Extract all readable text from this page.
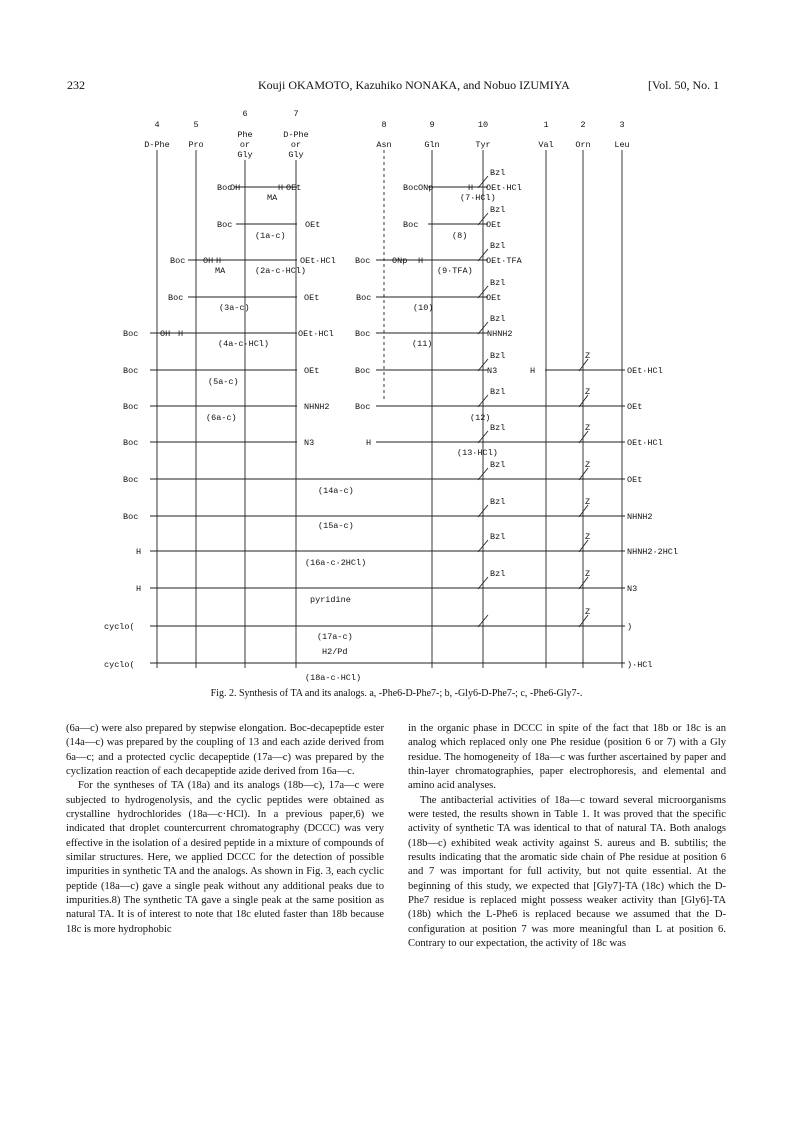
232	Kouji OKAMOTO, Kazuhiko NONAKA, and Nobuo IZUMIYA	[Vol. 50, No. 1
4
D-Phe
5
Pro
6
Phe
or
Gly
7
D-Phe
or
Gly
8
Asn
9
Gln
10
Tyr
1
Val
2
Orn
3
Leu
Boc
OH	H OEt
MA
Boc ONp	H OEt·HCl
(7·HCl)
Bzl
Boc	OEt
(1a-c)
Boc	OEt
(8)
Bzl
Boc OH H
MA
OEt·HCl
(2a-c·HCl)
Boc	ONp H	OEt·TFA
(9·TFA)
Bzl
Boc	OEt
(3a-c)
Boc	OEt
(10)
Bzl
Boc	OH H	OEt·HCl
(4a-c·HCl)
Boc	NHNH2
(11)
Bzl
Boc	OEt
(5a-c)
Boc	N3	H
Z
OEt·HCl
Bzl
Boc	NHNH2
(6a-c)
Boc
(12)
Z
OEt
Bzl
Boc	N3	H
(13·HCl)
Z
OEt·HCl
Bzl
Boc
(14a-c)
Z
OEt
Bzl
Boc
(15a-c)
Z
NHNH2
Bzl
H
(16a-c·2HCl)
Z
NHNH2·2HCl
Bzl
H
pyridine
Z
N3
Bzl
cyclo(
(17a-c)
Z
)
H2/Pd
cyclo(	)·HCl
(18a-c·HCl)
Fig. 2. Synthesis of TA and its analogs. a, -Phe6-D-Phe7-; b, -Gly6-D-Phe7-; c, -Phe6-Gly7-.

(6a—c) were also prepared by stepwise elongation. Boc-decapeptide ester (14a—c) was prepared by the coupling of 13 and each azide derived from 6a—c; and a protected cyclic decapeptide (17a—c) was prepared by the cyclization reaction of each decapeptide azide derived from 16a—c.

For the syntheses of TA (18a) and its analogs (18b—c), 17a—c were subjected to hydrogenolysis, and the cyclic peptides were obtained as crystalline hydrochlorides (18a—c·HCl). In a previous paper,6) we indicated that droplet countercurrent chromatography (DCCC) was very effective in the isolation of a desired peptide in a mixture of compounds of similar structures. Here, we applied DCCC for the detection of possible impurities in synthetic TA and the analogs. As shown in Fig. 3, each cyclic peptide (18a—c) gave a single peak without any additional peaks due to impurities.8) The synthetic TA gave a single peak at the same position as natural TA. It is of interest to note that 18c eluted faster than 18b because 18c is more hydrophobic

in the organic phase in DCCC in spite of the fact that 18b or 18c is an analog which replaced only one Phe residue (position 6 or 7) with a Gly residue. The homogeneity of 18a—c was further ascertained by paper and thin-layer chromatographies, paper electrophoresis, and elemental and amino acid analyses.

The antibacterial activities of 18a—c toward several microorganisms were tested, the results shown in Table 1. It was proved that the specific activity of synthetic TA was identical to that of natural TA. Both analogs (18b—c) exhibited weak activity against S. aureus and B. subtilis; the results indicating that the aromatic side chain of Phe residue at position 6 and 7 was important for full activity, but not quite essential. At the beginning of this study, we expected that [Gly7]-TA (18c) which the D-Phe7 residue is replaced might possess weaker activity than [Gly6]-TA (18b) which the L-Phe6 is replaced because we assumed that the D-configuration at position 7 was more meaningful than L at position 6. Contrary to our expectation, the activity of 18c was
